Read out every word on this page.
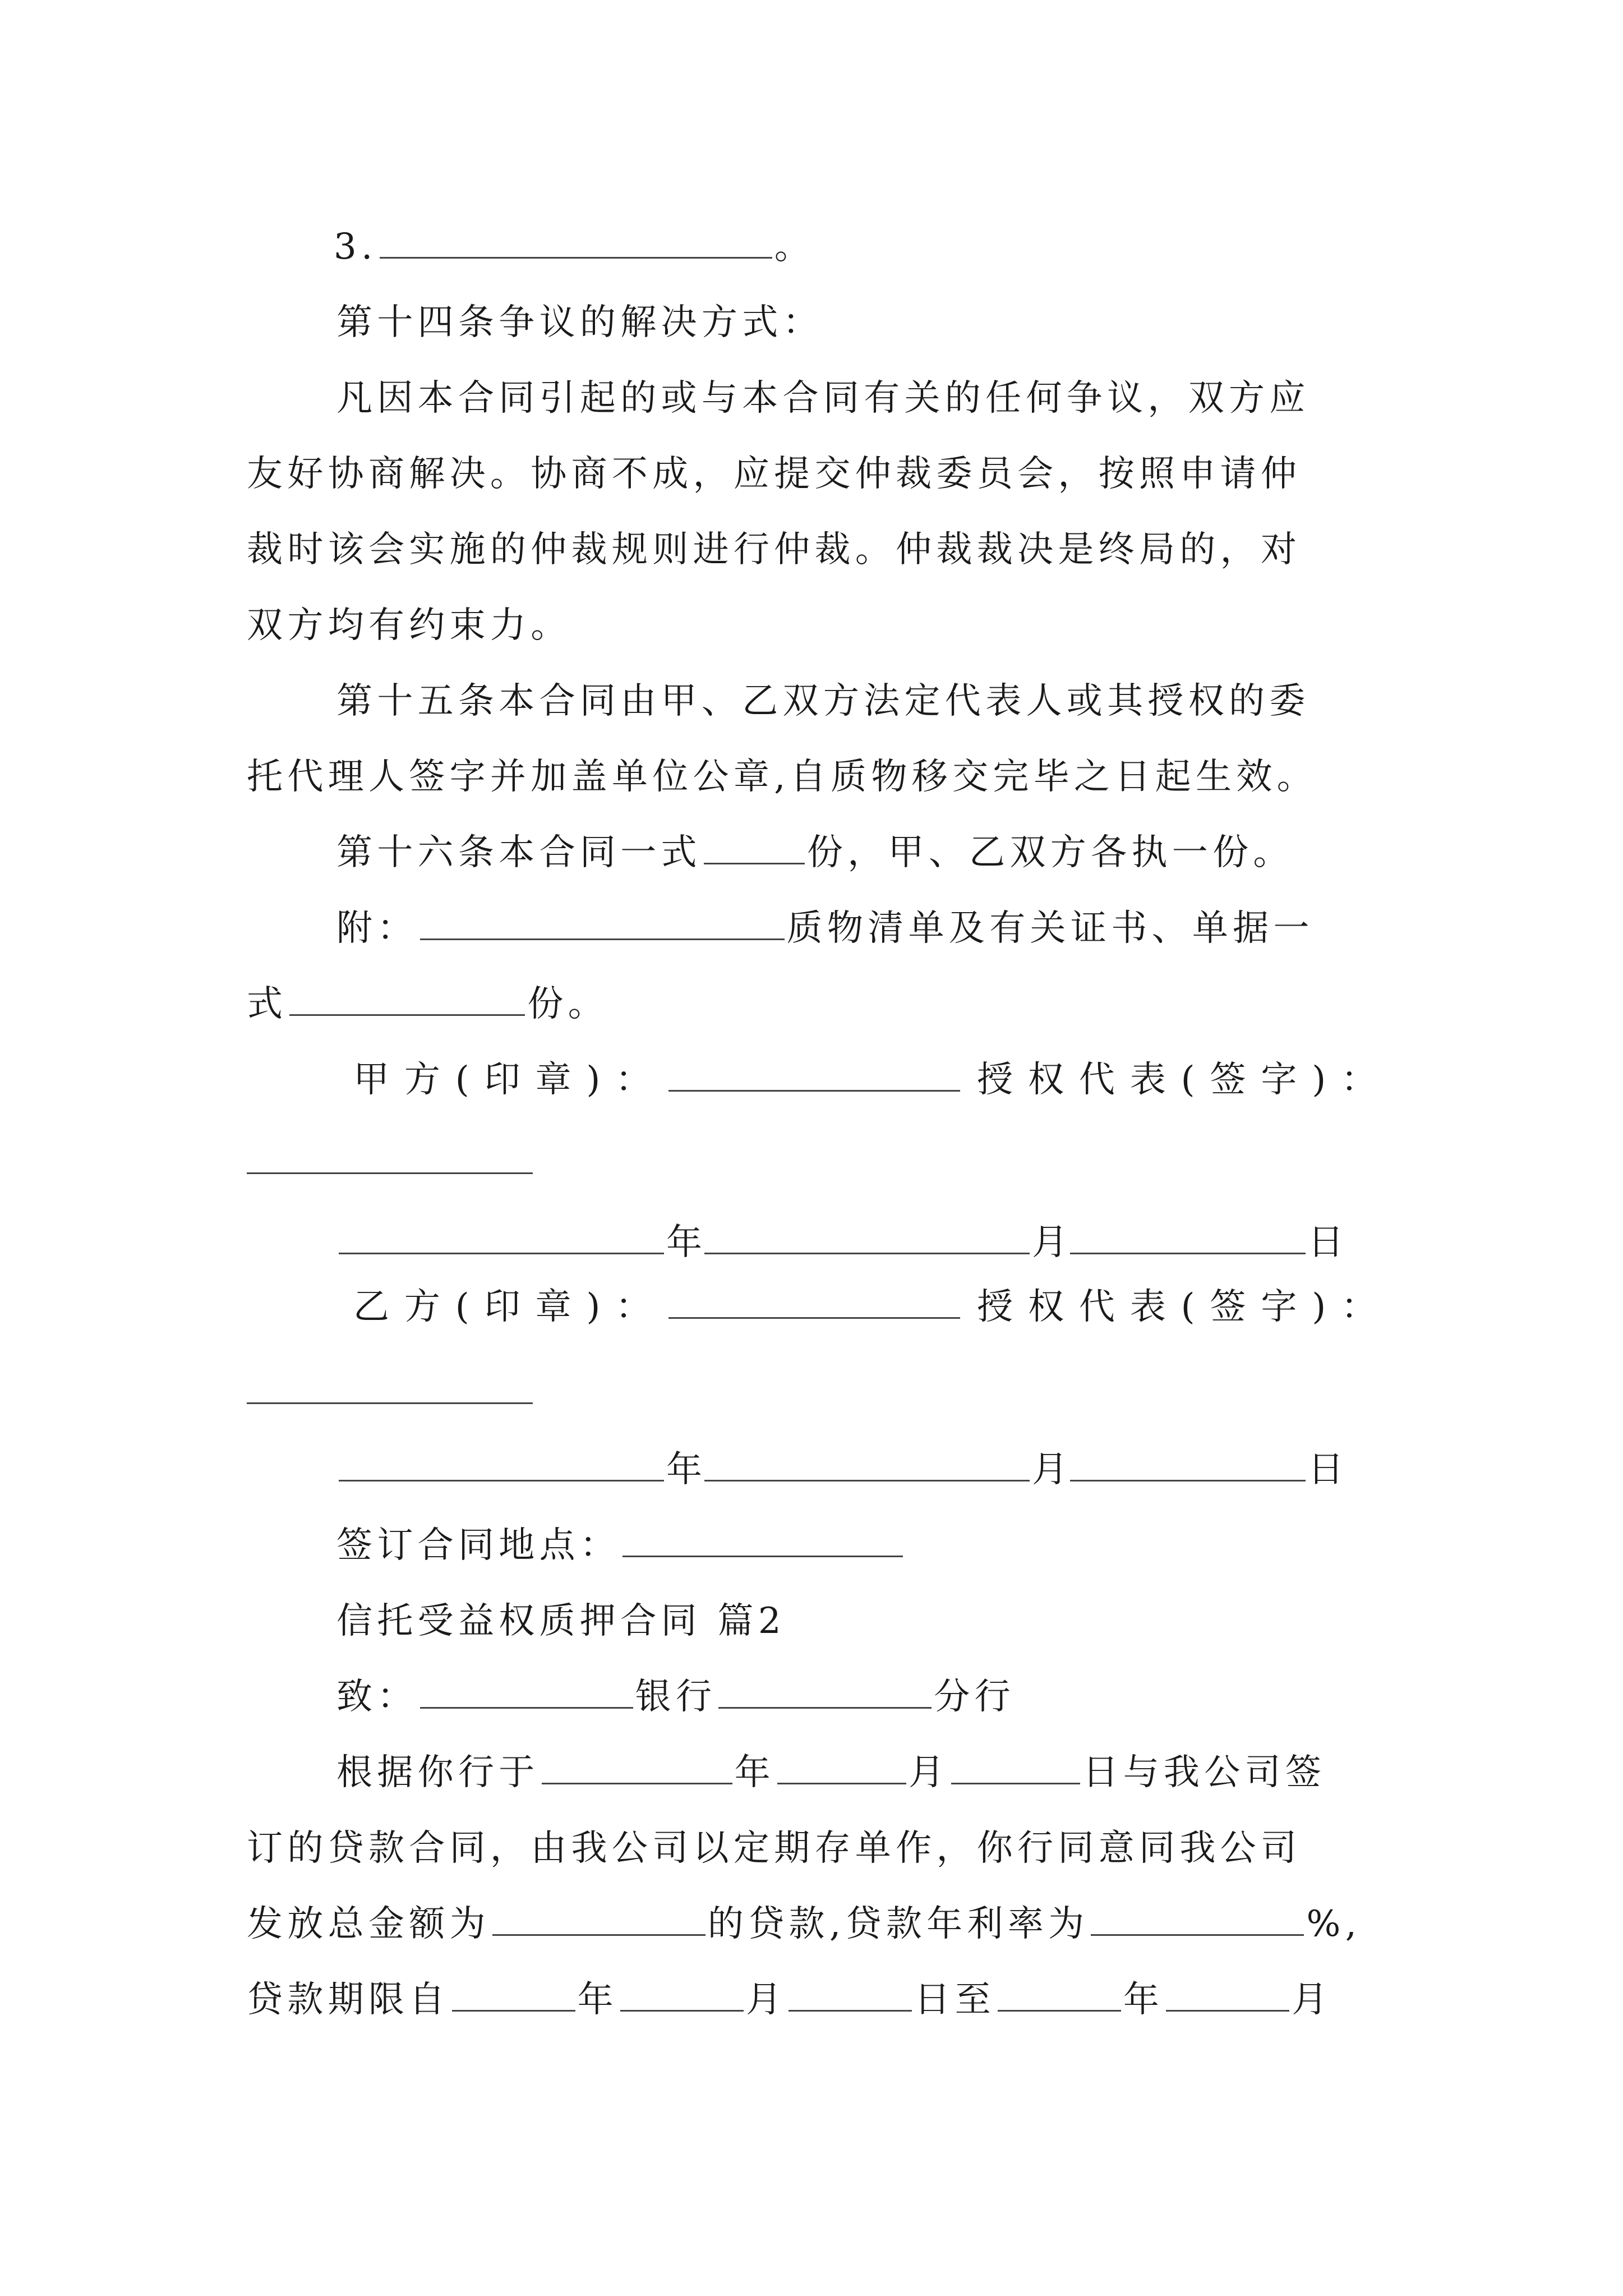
3.	。
第十四条争议的解决方式：
凡因本合同引起的或与本合同有关的任何争议，双方应
友好协商解决。协商不成，应提交仲裁委员会，按照申请仲
裁时该会实施的仲裁规则进行仲裁。仲裁裁决是终局的，对
双方均有约束力。
第十五条本合同由甲、乙双方法定代表人或其授权的委
托代理人签字并加盖单位公章,自质物移交完毕之日起生效。
第十六条本合同一式	份，甲、乙双方各执一份。
附：	质物清单及有关证书、单据一
式	份。
甲方(印章)：	授权代表(签字)：
年	月	日
乙方(印章)：	授权代表(签字)：
年	月	日
签订合同地点：
信托受益权质押合同 篇2
致：	银行	分行
根据你行于	年	月	日与我公司签
订的贷款合同，由我公司以定期存单作，你行同意同我公司
发放总金额为	的贷款,贷款年利率为	%,
贷款期限自	年	月	日至	年	月
